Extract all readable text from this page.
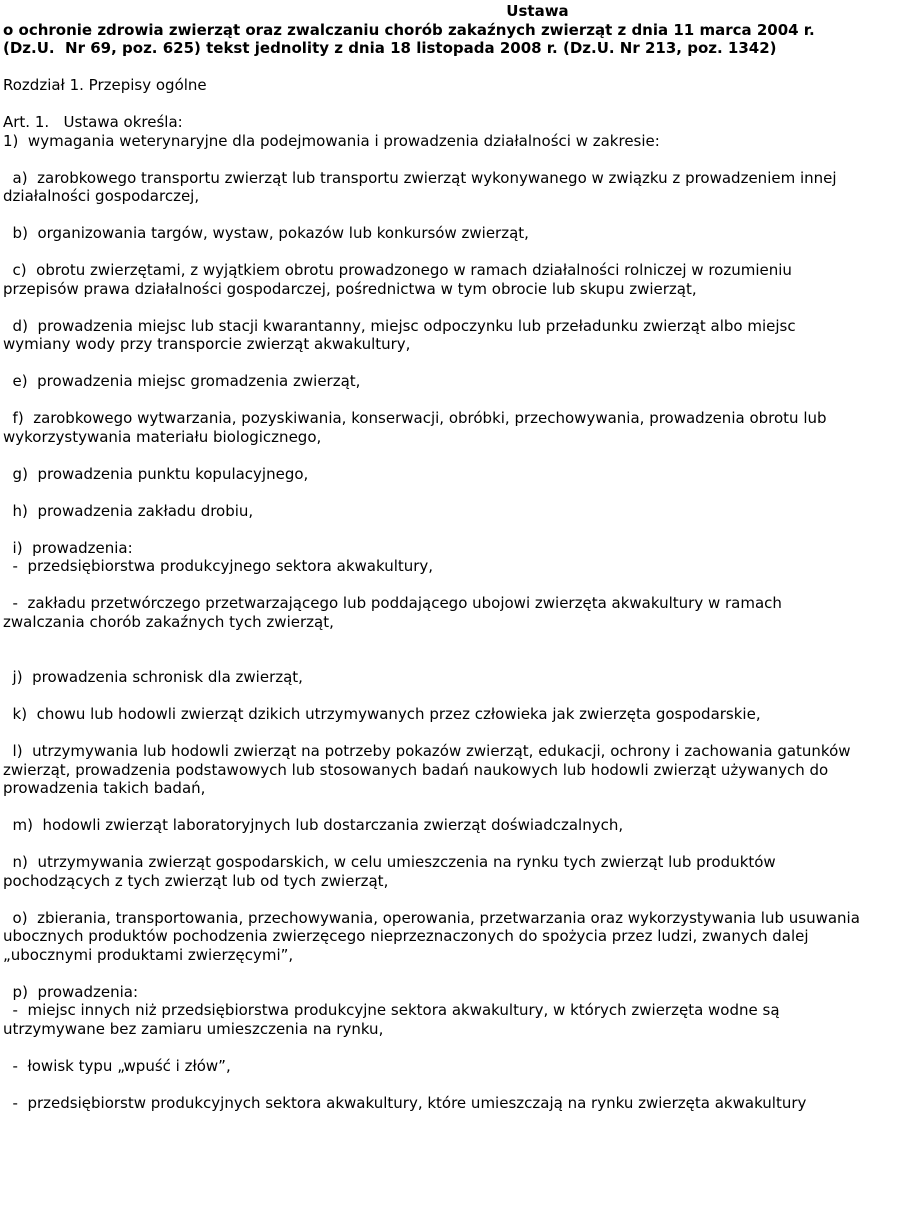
Ustawa

o ochronie zdrowia zwierząt oraz zwalczaniu chorób zakaźnych zwierząt z dnia 11 marca 2004 r.

(Dz.U.  Nr 69, poz. 625) tekst jednolity z dnia 18 listopada 2008 r. (Dz.U. Nr 213, poz. 1342)

Rozdział 1. Przepisy ogólne

Art. 1.   Ustawa określa:

1)  wymagania weterynaryjne dla podejmowania i prowadzenia działalności w zakresie:

a)  zarobkowego transportu zwierząt lub transportu zwierząt wykonywanego w związku z prowadzeniem innej

działalności gospodarczej,

b)  organizowania targów, wystaw, pokazów lub konkursów zwierząt,

c)  obrotu zwierzętami, z wyjątkiem obrotu prowadzonego w ramach działalności rolniczej w rozumieniu

przepisów prawa działalności gospodarczej, pośrednictwa w tym obrocie lub skupu zwierząt,

d)  prowadzenia miejsc lub stacji kwarantanny, miejsc odpoczynku lub przeładunku zwierząt albo miejsc

wymiany wody przy transporcie zwierząt akwakultury,

e)  prowadzenia miejsc gromadzenia zwierząt,

f)  zarobkowego wytwarzania, pozyskiwania, konserwacji, obróbki, przechowywania, prowadzenia obrotu lub

wykorzystywania materiału biologicznego,

g)  prowadzenia punktu kopulacyjnego,

h)  prowadzenia zakładu drobiu,

i)  prowadzenia:

-  przedsiębiorstwa produkcyjnego sektora akwakultury,

-  zakładu przetwórczego przetwarzającego lub poddającego ubojowi zwierzęta akwakultury w ramach

zwalczania chorób zakaźnych tych zwierząt,

j)  prowadzenia schronisk dla zwierząt,

k)  chowu lub hodowli zwierząt dzikich utrzymywanych przez człowieka jak zwierzęta gospodarskie,

l)  utrzymywania lub hodowli zwierząt na potrzeby pokazów zwierząt, edukacji, ochrony i zachowania gatunków

zwierząt, prowadzenia podstawowych lub stosowanych badań naukowych lub hodowli zwierząt używanych do

prowadzenia takich badań,

m)  hodowli zwierząt laboratoryjnych lub dostarczania zwierząt doświadczalnych,

n)  utrzymywania zwierząt gospodarskich, w celu umieszczenia na rynku tych zwierząt lub produktów

pochodzących z tych zwierząt lub od tych zwierząt,

o)  zbierania, transportowania, przechowywania, operowania, przetwarzania oraz wykorzystywania lub usuwania

ubocznych produktów pochodzenia zwierzęcego nieprzeznaczonych do spożycia przez ludzi, zwanych dalej

„ubocznymi produktami zwierzęcymi”,

p)  prowadzenia:

-  miejsc innych niż przedsiębiorstwa produkcyjne sektora akwakultury, w których zwierzęta wodne są

utrzymywane bez zamiaru umieszczenia na rynku,

-  łowisk typu „wpuść i złów”,

-  przedsiębiorstw produkcyjnych sektora akwakultury, które umieszczają na rynku zwierzęta akwakultury
